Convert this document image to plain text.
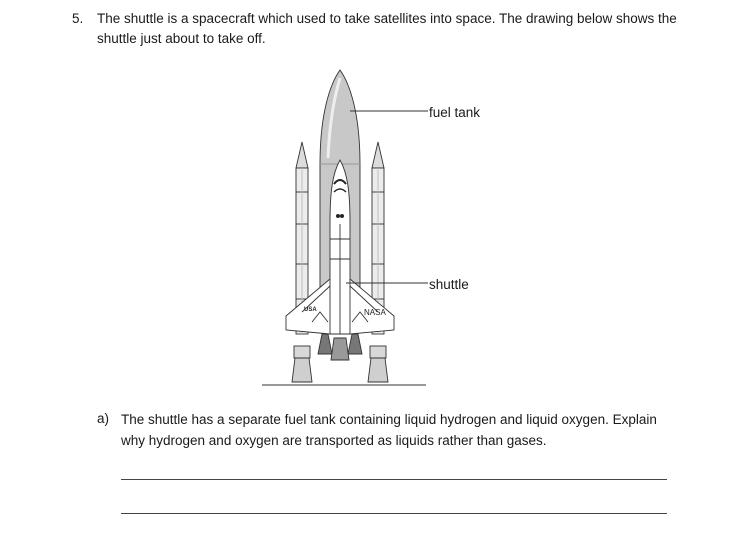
5. The shuttle is a spacecraft which used to take satellites into space. The drawing below shows the
shuttle just about to take off.
USA	NASA
fuel tank
shuttle
a) The shuttle has a separate fuel tank containing liquid hydrogen and liquid oxygen. Explain
why hydrogen and oxygen are transported as liquids rather than gases.
